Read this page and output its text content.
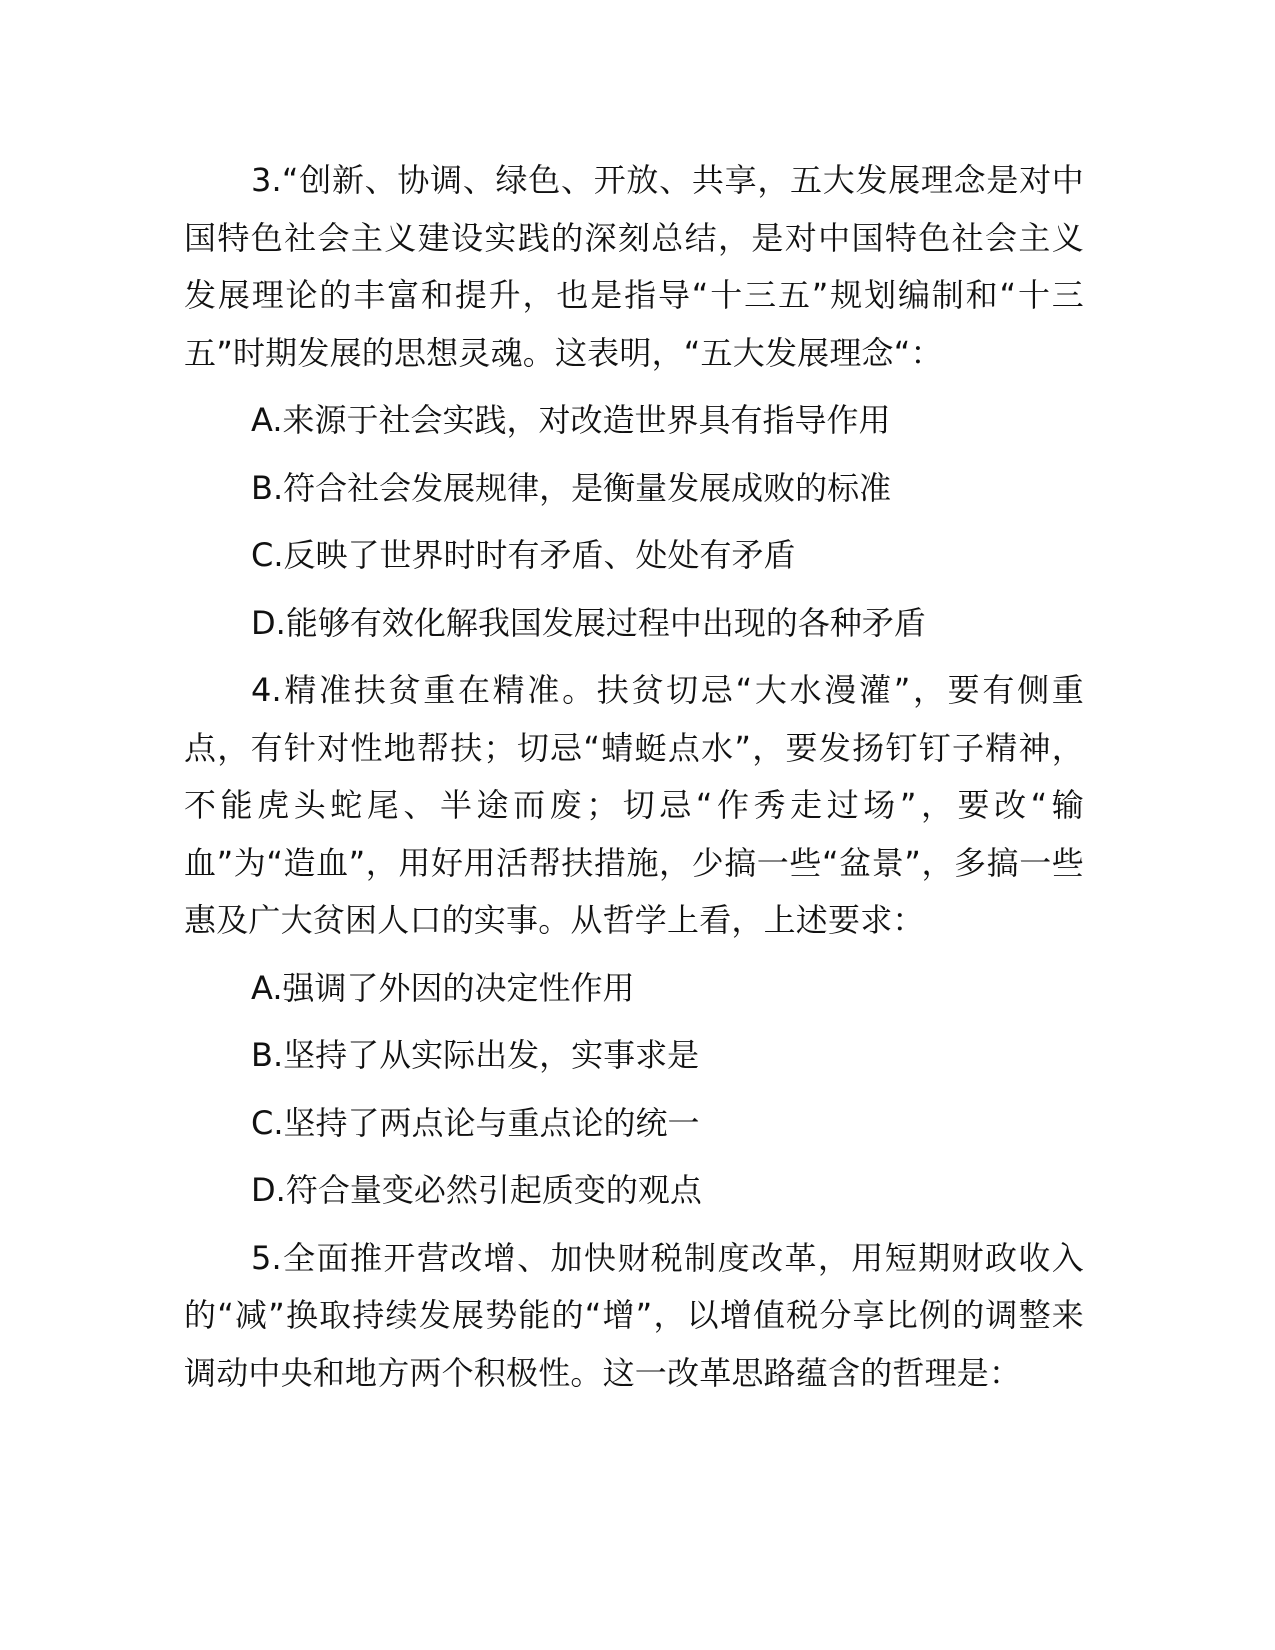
3.“创新、协调、绿色、开放、共享，五大发展理念是对中国特色社会主义建设实践的深刻总结，是对中国特色社会主义发展理论的丰富和提升，也是指导“十三五”规划编制和“十三五”时期发展的思想灵魂。这表明，“五大发展理念“：

A.来源于社会实践，对改造世界具有指导作用
B.符合社会发展规律，是衡量发展成败的标准
C.反映了世界时时有矛盾、处处有矛盾
D.能够有效化解我国发展过程中出现的各种矛盾

4.精准扶贫重在精准。扶贫切忌“大水漫灌”，要有侧重点，有针对性地帮扶；切忌“蜻蜓点水”，要发扬钉钉子精神，不能虎头蛇尾、半途而废；切忌“作秀走过场”，要改“输血”为“造血”，用好用活帮扶措施，少搞一些“盆景”，多搞一些惠及广大贫困人口的实事。从哲学上看，上述要求：

A.强调了外因的决定性作用
B.坚持了从实际出发，实事求是
C.坚持了两点论与重点论的统一
D.符合量变必然引起质变的观点

5.全面推开营改增、加快财税制度改革，用短期财政收入的“减”换取持续发展势能的“增”，以增值税分享比例的调整来调动中央和地方两个积极性。这一改革思路蕴含的哲理是：
